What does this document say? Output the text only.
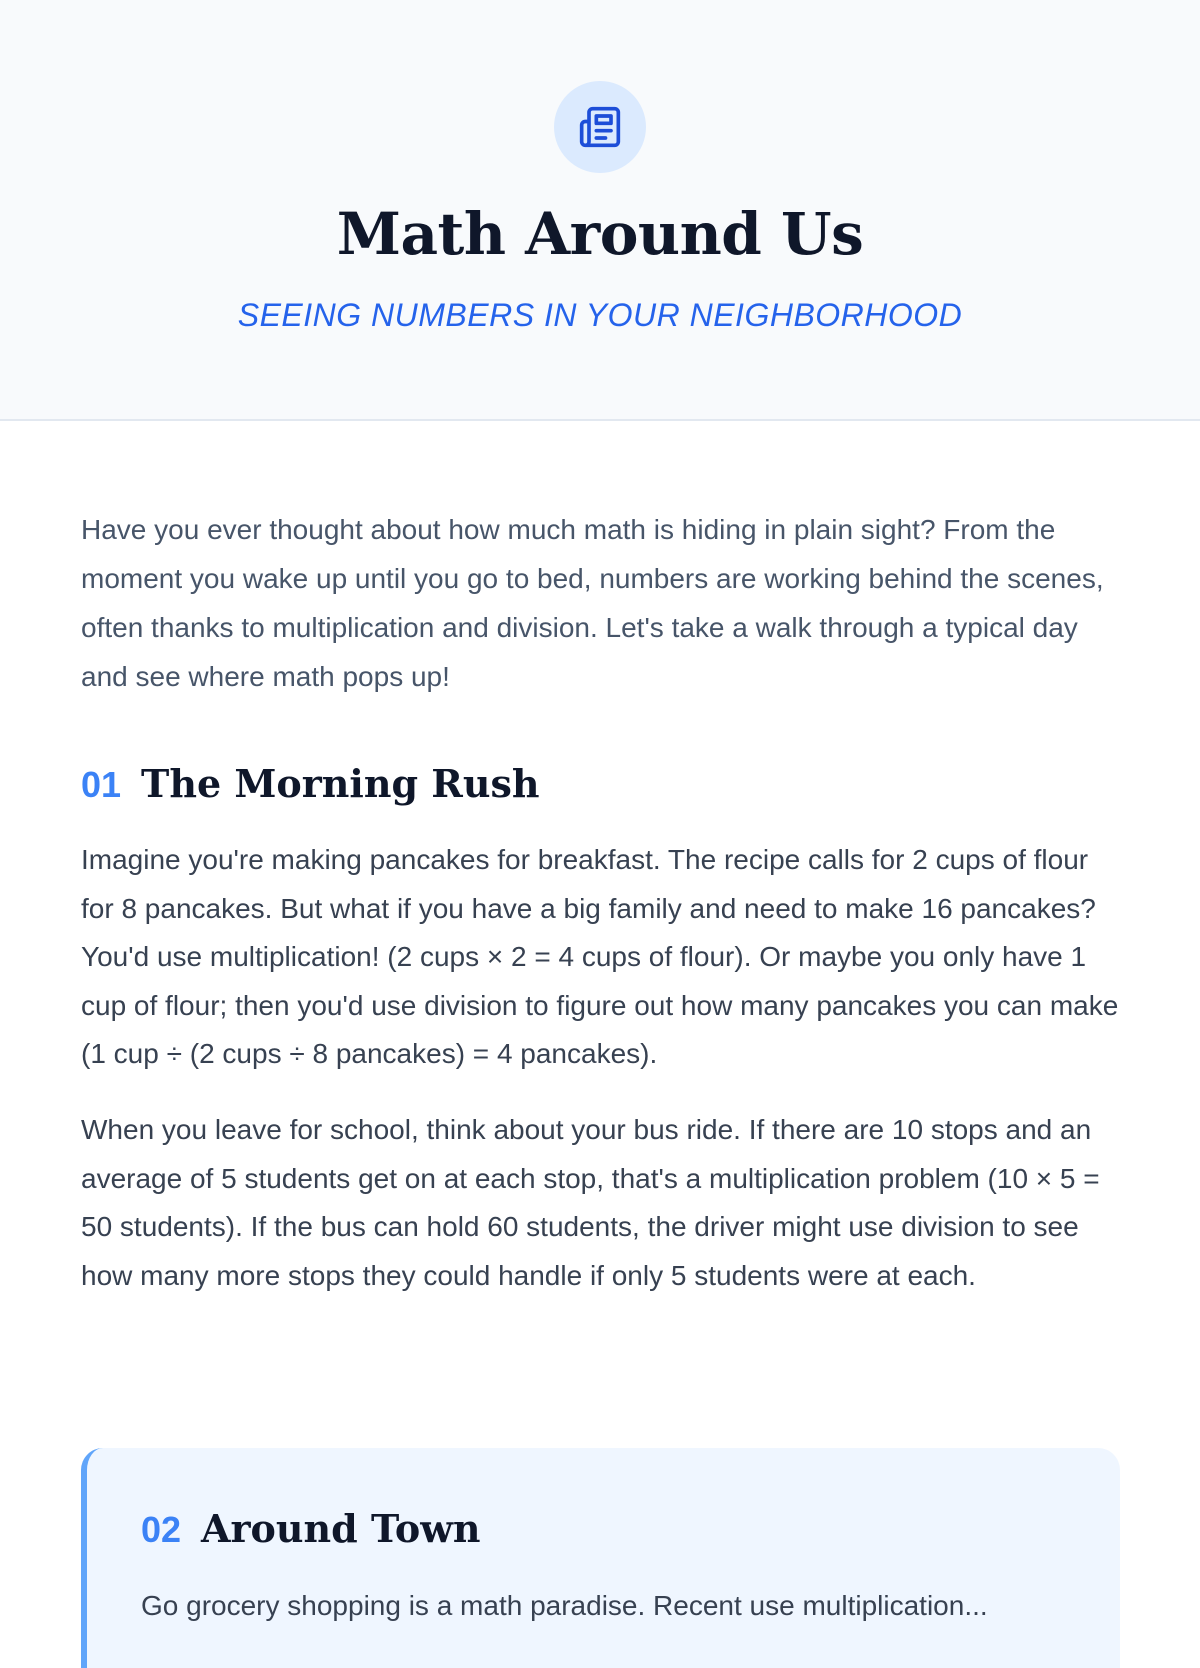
Math Around Us
SEEING NUMBERS IN YOUR NEIGHBORHOOD

Have you ever thought about how much math is hiding in plain sight? From the moment you wake up until you go to bed, numbers are working behind the scenes, often thanks to multiplication and division. Let's take a walk through a typical day and see where math pops up!

01 The Morning Rush

Imagine you're making pancakes for breakfast. The recipe calls for 2 cups of flour for 8 pancakes. But what if you have a big family and need to make 16 pancakes? You'd use multiplication! (2 cups × 2 = 4 cups of flour). Or maybe you only have 1 cup of flour; then you'd use division to figure out how many pancakes you can make (1 cup ÷ (2 cups ÷ 8 pancakes) = 4 pancakes).

When you leave for school, think about your bus ride. If there are 10 stops and an average of 5 students get on at each stop, that's a multiplication problem (10 × 5 = 50 students). If the bus can hold 60 students, the driver might use division to see how many more stops they could handle if only 5 students were at each.

02 Around Town

Go grocery shopping is a math paradise. Recent use multiplication...
